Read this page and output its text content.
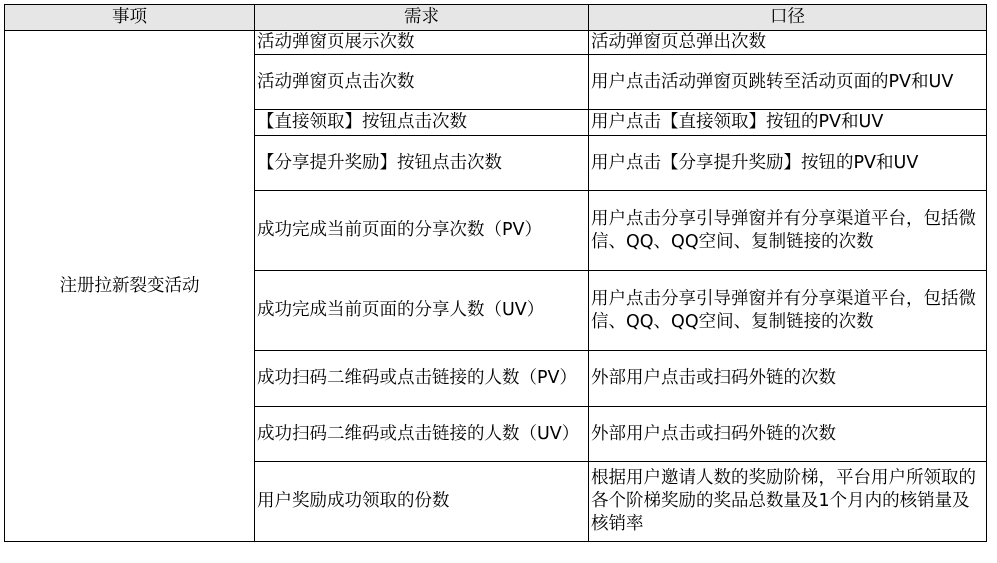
事项	需求	口径
注册拉新裂变活动	活动弹窗页展示次数	活动弹窗页总弹出次数
	活动弹窗页点击次数	用户点击活动弹窗页跳转至活动页面的PV和UV
	【直接领取】按钮点击次数	用户点击【直接领取】按钮的PV和UV
	【分享提升奖励】按钮点击次数	用户点击【分享提升奖励】按钮的PV和UV
	成功完成当前页面的分享次数（PV）	用户点击分享引导弹窗并有分享渠道平台，包括微信、QQ、QQ空间、复制链接的次数
	成功完成当前页面的分享人数（UV）	用户点击分享引导弹窗并有分享渠道平台，包括微信、QQ、QQ空间、复制链接的次数
	成功扫码二维码或点击链接的人数（PV）	外部用户点击或扫码外链的次数
	成功扫码二维码或点击链接的人数（UV）	外部用户点击或扫码外链的次数
	用户奖励成功领取的份数	根据用户邀请人数的奖励阶梯，平台用户所领取的各个阶梯奖励的奖品总数量及1个月内的核销量及核销率
